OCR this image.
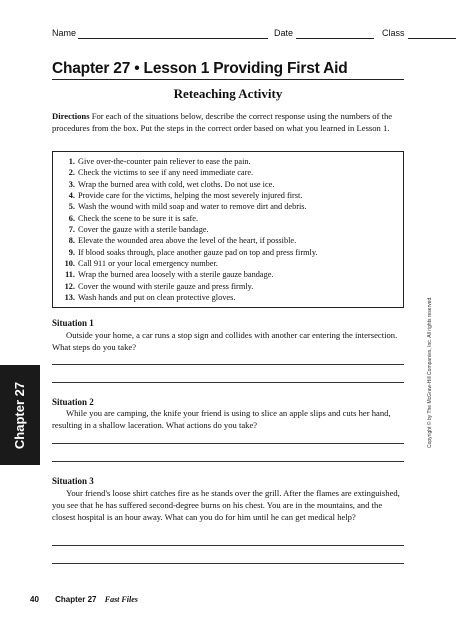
Name	Date	Class
Chapter 27 • Lesson 1 Providing First Aid
Reteaching Activity
Directions For each of the situations below, describe the correct response using the numbers of the procedures from the box. Put the steps in the correct order based on what you learned in Lesson 1.
1. Give over-the-counter pain reliever to ease the pain.
2. Check the victims to see if any need immediate care.
3. Wrap the burned area with cold, wet cloths. Do not use ice.
4. Provide care for the victims, helping the most severely injured first.
5. Wash the wound with mild soap and water to remove dirt and debris.
6. Check the scene to be sure it is safe.
7. Cover the gauze with a sterile bandage.
8. Elevate the wounded area above the level of the heart, if possible.
9. If blood soaks through, place another gauze pad on top and press firmly.
10. Call 911 or your local emergency number.
11. Wrap the burned area loosely with a sterile gauze bandage.
12. Cover the wound with sterile gauze and press firmly.
13. Wash hands and put on clean protective gloves.
Situation 1
Outside your home, a car runs a stop sign and collides with another car entering the intersection. What steps do you take?
Situation 2
While you are camping, the knife your friend is using to slice an apple slips and cuts her hand, resulting in a shallow laceration. What actions do you take?
Situation 3
Your friend's loose shirt catches fire as he stands over the grill. After the flames are extinguished, you see that he has suffered second-degree burns on his chest. You are in the mountains, and the closest hospital is an hour away. What can you do for him until he can get medical help?
Chapter 27	Copyright © by The McGraw-Hill Companies, Inc. All rights reserved.
40 Chapter 27 Fast Files
